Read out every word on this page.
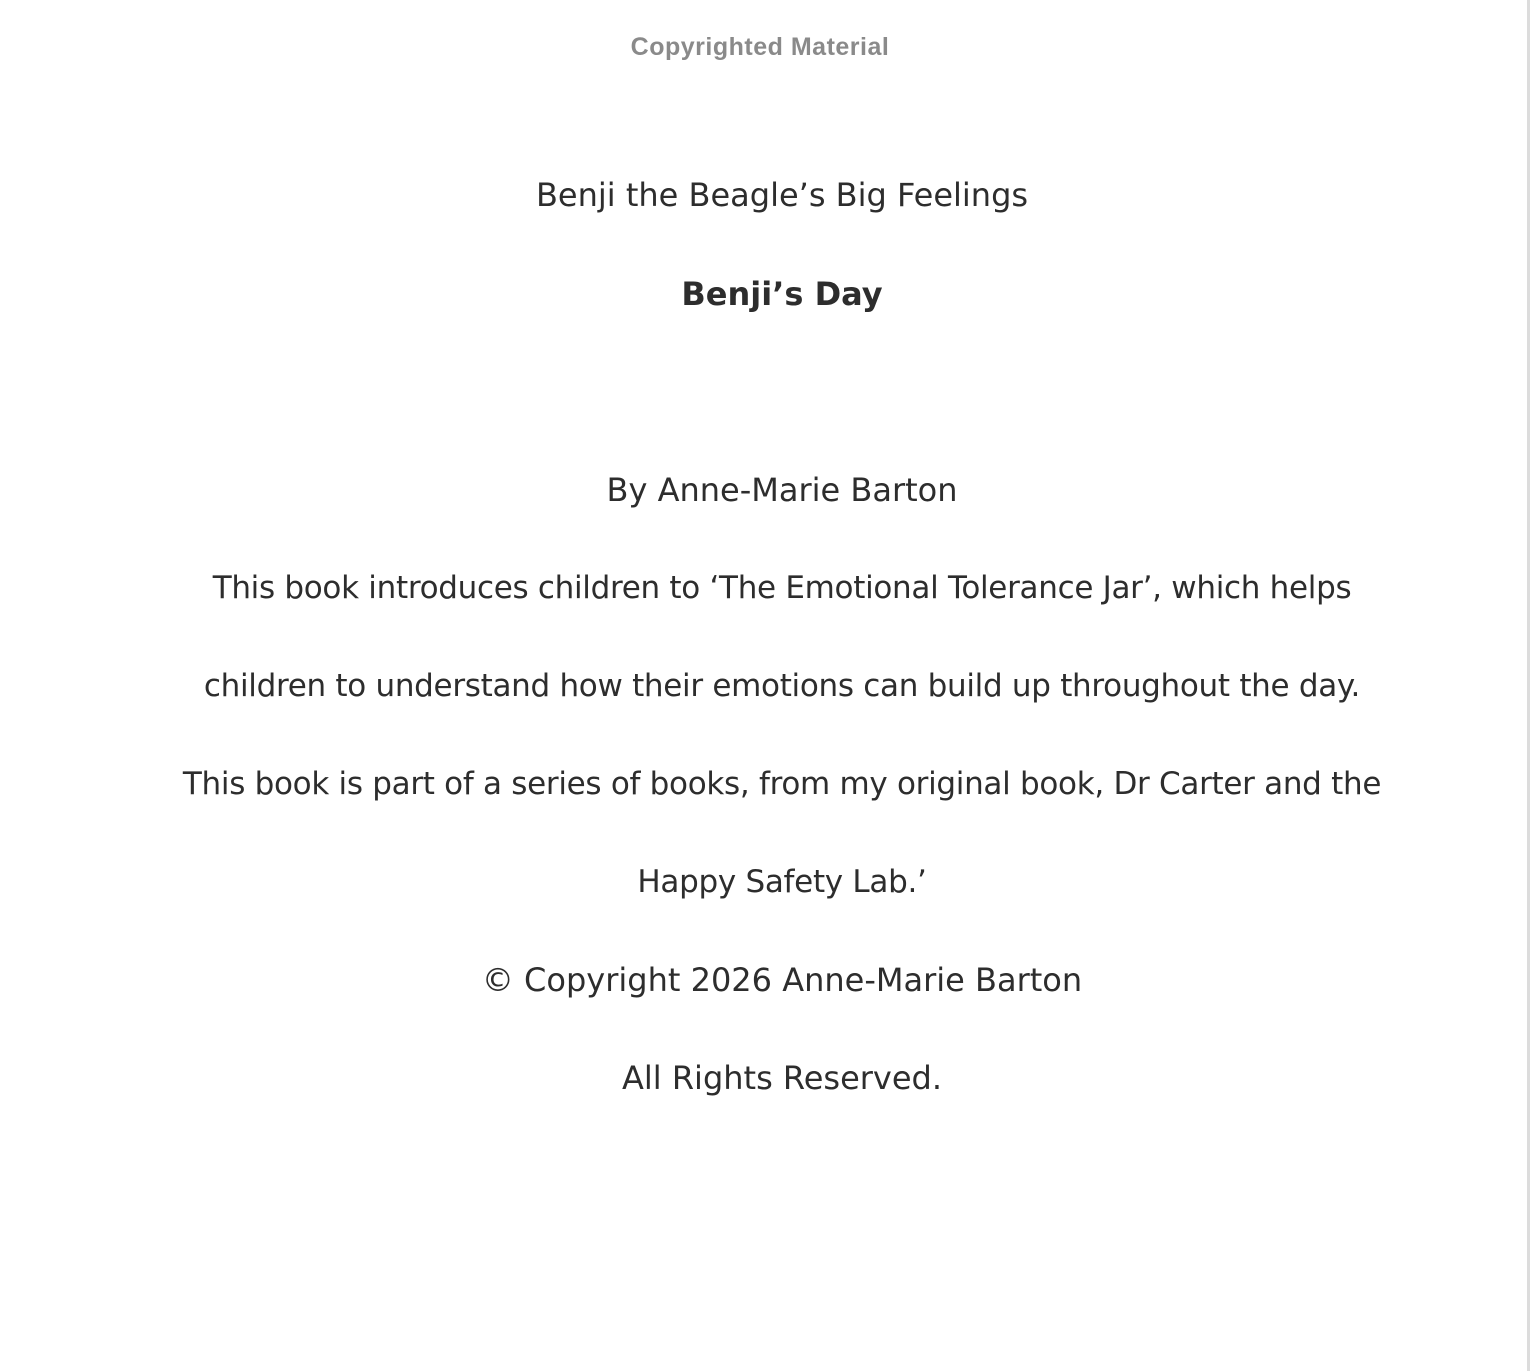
Copyrighted Material
Benji the Beagle’s Big Feelings
Benji’s Day
By Anne-Marie Barton
This book introduces children to ‘The Emotional Tolerance Jar’, which helps
children to understand how their emotions can build up throughout the day.
This book is part of a series of books, from my original book, Dr Carter and the
Happy Safety Lab.’
© Copyright 2026 Anne-Marie Barton
All Rights Reserved.
